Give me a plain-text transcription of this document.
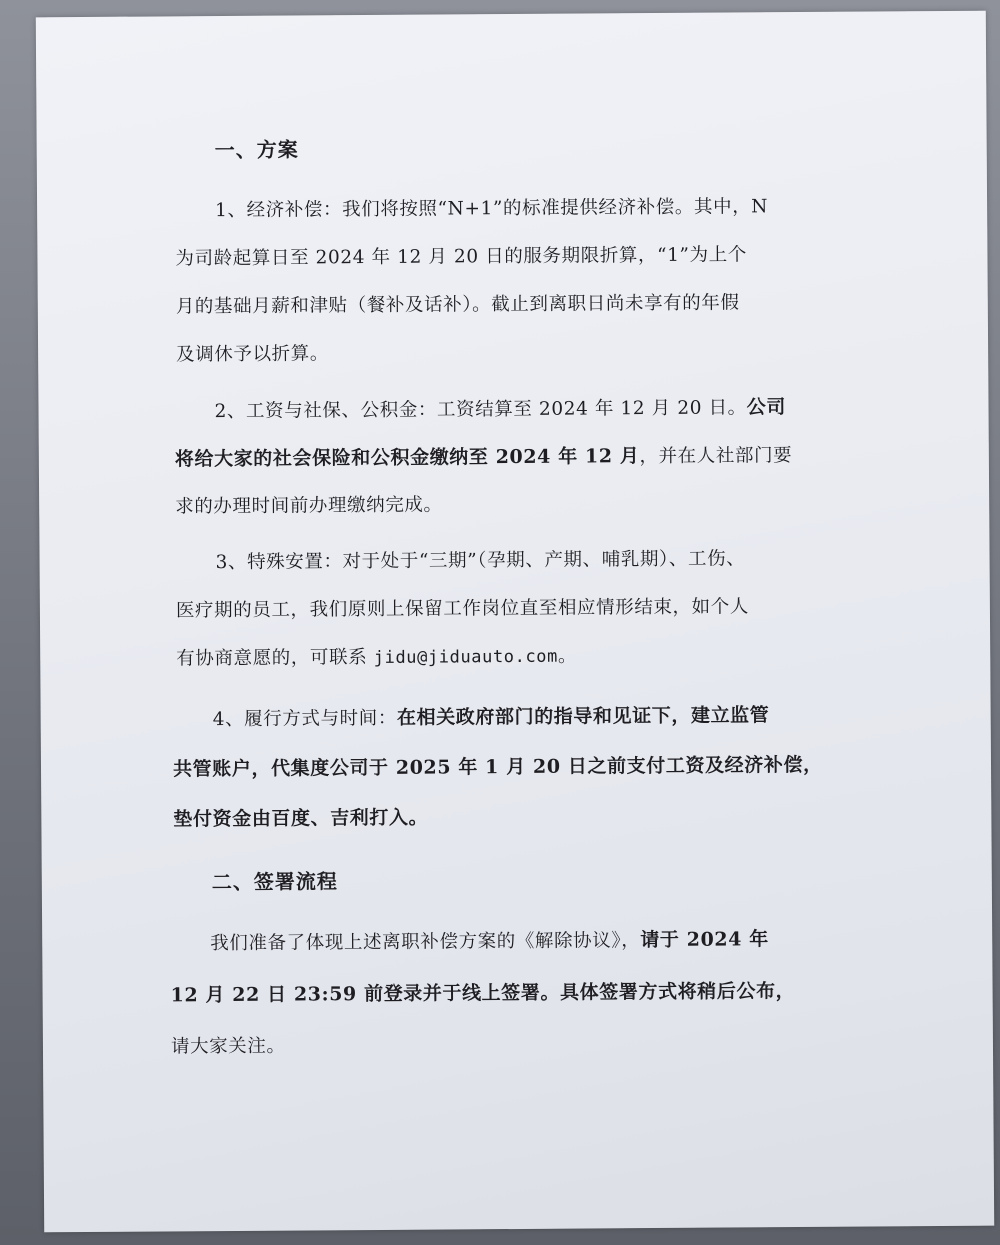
一、方案
1、经济补偿：我们将按照“N+1”的标准提供经济补偿。其中，N
为司龄起算日至 2024 年 12 月 20 日的服务期限折算，“1”为上个
月的基础月薪和津贴（餐补及话补）。截止到离职日尚未享有的年假
及调休予以折算。
2、工资与社保、公积金：工资结算至 2024 年 12 月 20 日。公司
将给大家的社会保险和公积金缴纳至 2024 年 12 月，并在人社部门要
求的办理时间前办理缴纳完成。
3、特殊安置：对于处于“三期”（孕期、产期、哺乳期）、工伤、
医疗期的员工，我们原则上保留工作岗位直至相应情形结束，如个人
有协商意愿的，可联系 jidu@jiduauto.com。
4、履行方式与时间：在相关政府部门的指导和见证下，建立监管
共管账户，代集度公司于 2025 年 1 月 20 日之前支付工资及经济补偿，
垫付资金由百度、吉利打入。
二、签署流程
我们准备了体现上述离职补偿方案的《解除协议》，请于 2024 年
12 月 22 日 23:59 前登录并于线上签署。具体签署方式将稍后公布，
请大家关注。
